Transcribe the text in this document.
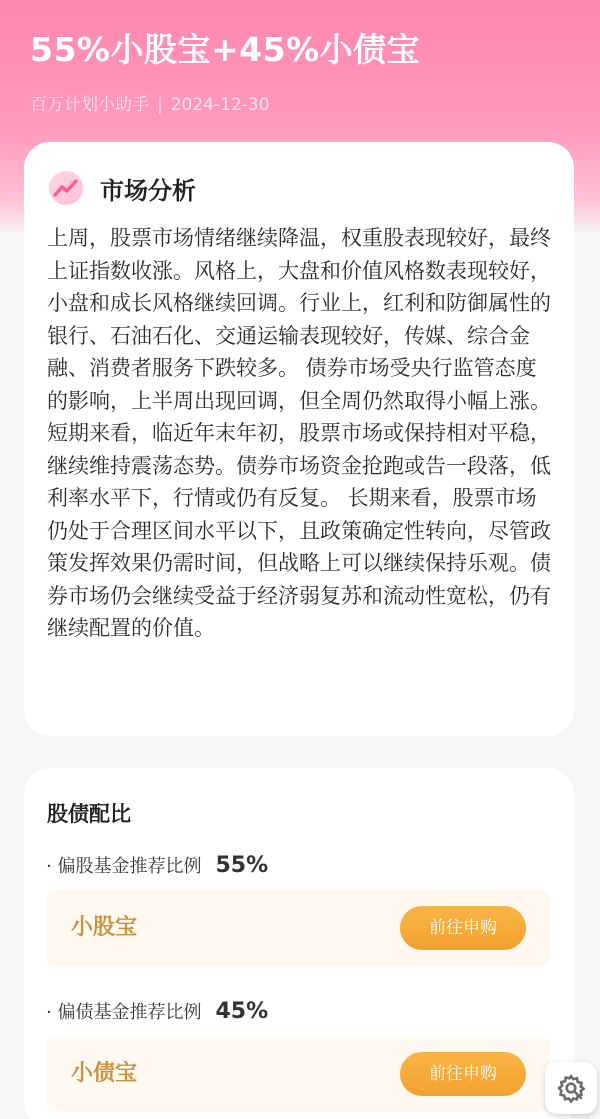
55%小股宝+45%小债宝
百万计划小助手 | 2024-12-30
市场分析
上周，股票市场情绪继续降温，权重股表现较好，最终上证指数收涨。风格上，大盘和价值风格数表现较好，小盘和成长风格继续回调。行业上，红利和防御属性的银行、石油石化、交通运输表现较好，传媒、综合金融、消费者服务下跌较多。 债券市场受央行监管态度的影响，上半周出现回调，但全周仍然取得小幅上涨。 短期来看，临近年末年初，股票市场或保持相对平稳，继续维持震荡态势。债券市场资金抢跑或告一段落，低利率水平下，行情或仍有反复。 长期来看，股票市场仍处于合理区间水平以下，且政策确定性转向，尽管政策发挥效果仍需时间，但战略上可以继续保持乐观。债券市场仍会继续受益于经济弱复苏和流动性宽松，仍有继续配置的价值。
股债配比
· 偏股基金推荐比例 55%
小股宝	前往申购
· 偏债基金推荐比例 45%
小债宝	前往申购
